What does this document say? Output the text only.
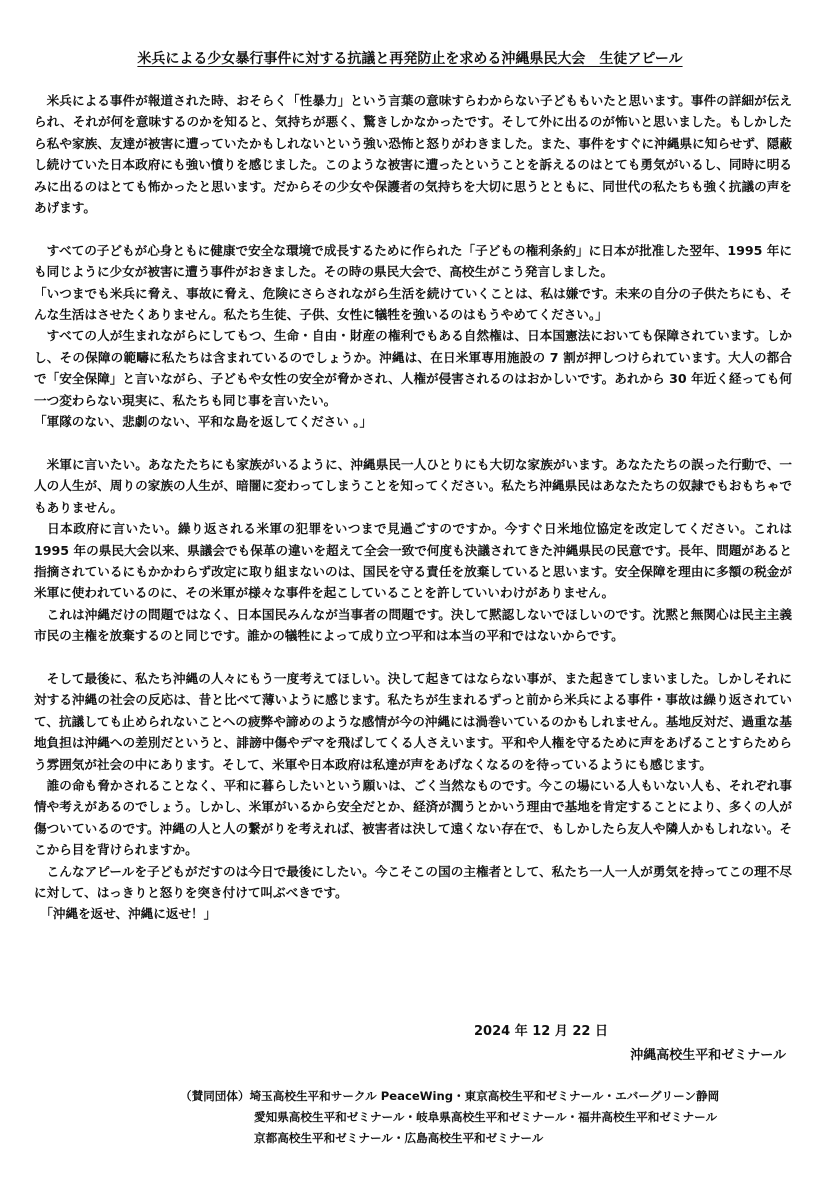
米兵による少女暴行事件に対する抗議と再発防止を求める沖縄県民大会　生徒アピール

　米兵による事件が報道された時、おそらく「性暴力」という言葉の意味すらわからない子どももいたと思います。事件の詳細が伝えられ、それが何を意味するのかを知ると、気持ちが悪く、驚きしかなかったです。そして外に出るのが怖いと思いました。もしかしたら私や家族、友達が被害に遭っていたかもしれないという強い恐怖と怒りがわきました。また、事件をすぐに沖縄県に知らせず、隠蔽し続けていた日本政府にも強い憤りを感じました。このような被害に遭ったということを訴えるのはとても勇気がいるし、同時に明るみに出るのはとても怖かったと思います。だからその少女や保護者の気持ちを大切に思うとともに、同世代の私たちも強く抗議の声をあげます。

　すべての子どもが心身ともに健康で安全な環境で成長するために作られた「子どもの権利条約」に日本が批准した翌年、1995 年にも同じように少女が被害に遭う事件がおきました。その時の県民大会で、高校生がこう発言しました。

「いつまでも米兵に脅え、事故に脅え、危険にさらされながら生活を続けていくことは、私は嫌です。未来の自分の子供たちにも、そんな生活はさせたくありません。私たち生徒、子供、女性に犠牲を強いるのはもうやめてください。」

　すべての人が生まれながらにしてもつ、生命・自由・財産の権利でもある自然権は、日本国憲法においても保障されています。しかし、その保障の範疇に私たちは含まれているのでしょうか。沖縄は、在日米軍専用施設の 7 割が押しつけられています。大人の都合で「安全保障」と言いながら、子どもや女性の安全が脅かされ、人権が侵害されるのはおかしいです。あれから 30 年近く経っても何一つ変わらない現実に、私たちも同じ事を言いたい。

「軍隊のない、悲劇のない、平和な島を返してください 。」

　米軍に言いたい。あなたたちにも家族がいるように、沖縄県民一人ひとりにも大切な家族がいます。あなたたちの誤った行動で、一人の人生が、周りの家族の人生が、暗闇に変わってしまうことを知ってください。私たち沖縄県民はあなたたちの奴隷でもおもちゃでもありません。

　日本政府に言いたい。繰り返される米軍の犯罪をいつまで見過ごすのですか。今すぐ日米地位協定を改定してください。これは 1995 年の県民大会以来、県議会でも保革の違いを超えて全会一致で何度も決議されてきた沖縄県民の民意です。長年、問題があると指摘されているにもかかわらず改定に取り組まないのは、国民を守る責任を放棄していると思います。安全保障を理由に多額の税金が米軍に使われているのに、その米軍が様々な事件を起こしていることを許していいわけがありません。

　これは沖縄だけの問題ではなく、日本国民みんなが当事者の問題です。決して黙認しないでほしいのです。沈黙と無関心は民主主義市民の主権を放棄するのと同じです。誰かの犠牲によって成り立つ平和は本当の平和ではないからです。

　そして最後に、私たち沖縄の人々にもう一度考えてほしい。決して起きてはならない事が、また起きてしまいました。しかしそれに対する沖縄の社会の反応は、昔と比べて薄いように感じます。私たちが生まれるずっと前から米兵による事件・事故は繰り返されていて、抗議しても止められないことへの疲弊や諦めのような感情が今の沖縄には渦巻いているのかもしれません。基地反対だ、過重な基地負担は沖縄への差別だというと、誹謗中傷やデマを飛ばしてくる人さえいます。平和や人権を守るために声をあげることすらためらう雰囲気が社会の中にあります。そして、米軍や日本政府は私達が声をあげなくなるのを待っているようにも感じます。

　誰の命も脅かされることなく、平和に暮らしたいという願いは、ごく当然なものです。今この場にいる人もいない人も、それぞれ事情や考えがあるのでしょう。しかし、米軍がいるから安全だとか、経済が潤うとかいう理由で基地を肯定することにより、多くの人が傷ついているのです。沖縄の人と人の繋がりを考えれば、被害者は決して遠くない存在で、もしかしたら友人や隣人かもしれない。そこから目を背けられますか。

　こんなアピールを子どもがだすのは今日で最後にしたい。今こそこの国の主権者として、私たち一人一人が勇気を持ってこの理不尽に対して、はっきりと怒りを突き付けて叫ぶべきです。

　「沖縄を返せ、沖縄に返せ！」

2024 年 12 月 22 日
沖縄高校生平和ゼミナール
（賛同団体）埼玉高校生平和サークル PeaceWing・東京高校生平和ゼミナール・エバーグリーン静岡
愛知県高校生平和ゼミナール・岐阜県高校生平和ゼミナール・福井高校生平和ゼミナール
京都高校生平和ゼミナール・広島高校生平和ゼミナール
